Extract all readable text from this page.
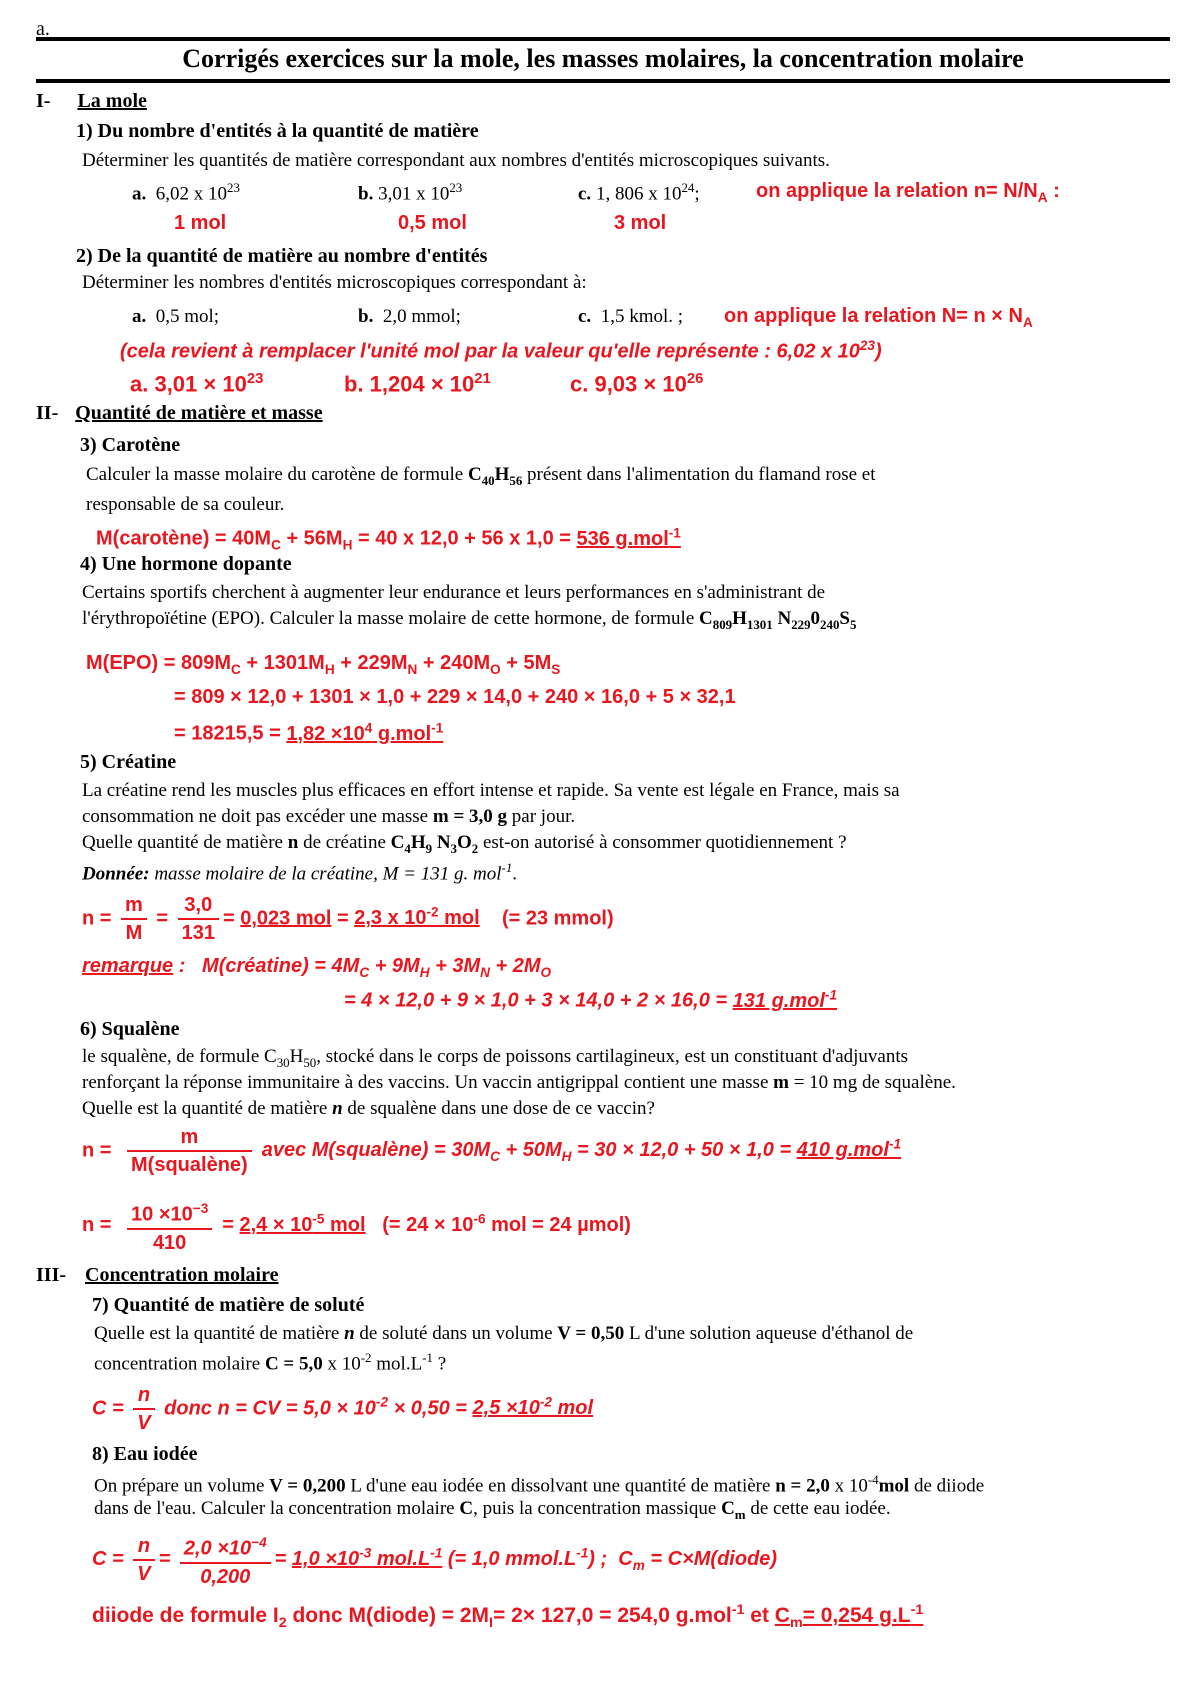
a.
Corrigés exercices sur la mole, les masses molaires, la concentration molaire
I- La mole
1) Du nombre d'entités à la quantité de matière
Déterminer les quantités de matière correspondant aux nombres d'entités microscopiques suivants.
a. 6,02 x $10^{23}$	b. 3,01 x $10^{23}$	c. 1, 806 x $10^{24}$;	on applique la relation $n= N/N_A$ :
1 mol	0,5 mol	3 mol
2) De la quantité de matière au nombre d'entités
Déterminer les nombres d'entités microscopiques correspondant à:
a. 0,5 mol;	b. 2,0 mmol;	c. 1,5 kmol. ; on applique la relation $N= n \times N_A$
(cela revient à remplacer l'unité mol par la valeur qu'elle représente : 6,02 x $10^{23}$)
a. $3,01 \times 10^{23}$	b. $1,204 \times 10^{21}$	c. $9,03 \times 10^{26}$
II- Quantité de matière et masse
3) Carotène
Calculer la masse molaire du carotène de formule $C_{40}H_{56}$ présent dans l'alimentation du flamand rose et
responsable de sa couleur.
M(carotène) = $40M_C + 56M_H = 40$ x 12,0 + 56 x 1,0 = 536 g.mol$^{-1}$
4) Une hormone dopante
Certains sportifs cherchent à augmenter leur endurance et leurs performances en s'administrant de
l'érythropoïétine (EPO). Calculer la masse molaire de cette hormone, de formule $C_{809}H_{1301}$ $N_{229}0_{240}S_5$
$M(EPO) = 809M_C + 1301M_H + 229M_N + 240M_O + 5M_S$
= 809 × 12,0 + 1301 × 1,0 + 229 × 14,0 + 240 × 16,0 + 5 × 32,1
= $18215,5 = 1,82 \times 10^4$ g.mol$^{-1}$
5) Créatine
La créatine rend les muscles plus efficaces en effort intense et rapide. Sa vente est légale en France, mais sa
consommation ne doit pas excéder une masse m = 3,0 g par jour.
Quelle quantité de matière n de créatine $C_4H_9$ $N_3O_2$ est-on autorisé à consommer quotidiennement ?
Donnée: masse molaire de la créatine, M = 131 g. mol$^{-1}$.
$n = \frac{m}{M} = \frac{3,0}{131} = 0,023$ mol = 2,3 x $10^{-2}$ mol (= 23 mmol)
remarque :   M(créatine) = $4M_C + 9M_H + 3M_N + 2M_O$
= 4 × 12,0 + 9 × 1,0 + 3 × 14,0 + 2 × 16,0 = 131 g.mol$^{-1}$
6) Squalène
le squalène, de formule $C_{30}H_{50}$, stocké dans le corps de poissons cartilagineux, est un constituant d'adjuvants
renforçant la réponse immunitaire à des vaccins. Un vaccin antigrippal contient une masse m = 10 mg de squalène.
Quelle est la quantité de matière n de squalène dans une dose de ce vaccin?
$n = \frac{m}{\text{M(squalène)}}$ avec M(squalène) = $30M_C + 50M_H = 30 \times 12,0 + 50 \times 1,0 = 410$ g.mol$^{-1}$
$n = \frac{10 \times 10^{-3}}{410} = 2,4 \times 10^{-5}$ mol (= $24 \times 10^{-6}$ mol = 24 µmol)
III- Concentration molaire
7) Quantité de matière de soluté
Quelle est la quantité de matière n de soluté dans un volume V = 0,50 L d'une solution aqueuse d'éthanol de
concentration molaire C = 5,0 x $10^{-2}$ $mol.L^{-1}$ ?
$C = \frac{n}{V}$ donc n = CV = $5,0 \times 10^{-2} \times 0,50 = 2,5 \times 10^{-2}$ mol
8) Eau iodée
On prépare un volume V = 0,200 L d'une eau iodée en dissolvant une quantité de matière n = 2,0 x $10^{-4}mol$ de diiode
dans de l'eau. Calculer la concentration molaire C, puis la concentration massique $C_m$ de cette eau iodée.
$C = \frac{n}{V} = \frac{2,0 \times 10^{-4}}{0,200} = 1,0 \times 10^{-3}$ $mol.L^{-1}$ (= 1,0 $mmol.L^{-1}$) ;  $C_m$ = C×M(diode)
diiode de formule $I_2$ donc M(diode) = $2M_I= 2\times 127,0 = 254,0$ g.mol$^{-1}$ et $C_m= 0,254$ $g.L^{-1}$
